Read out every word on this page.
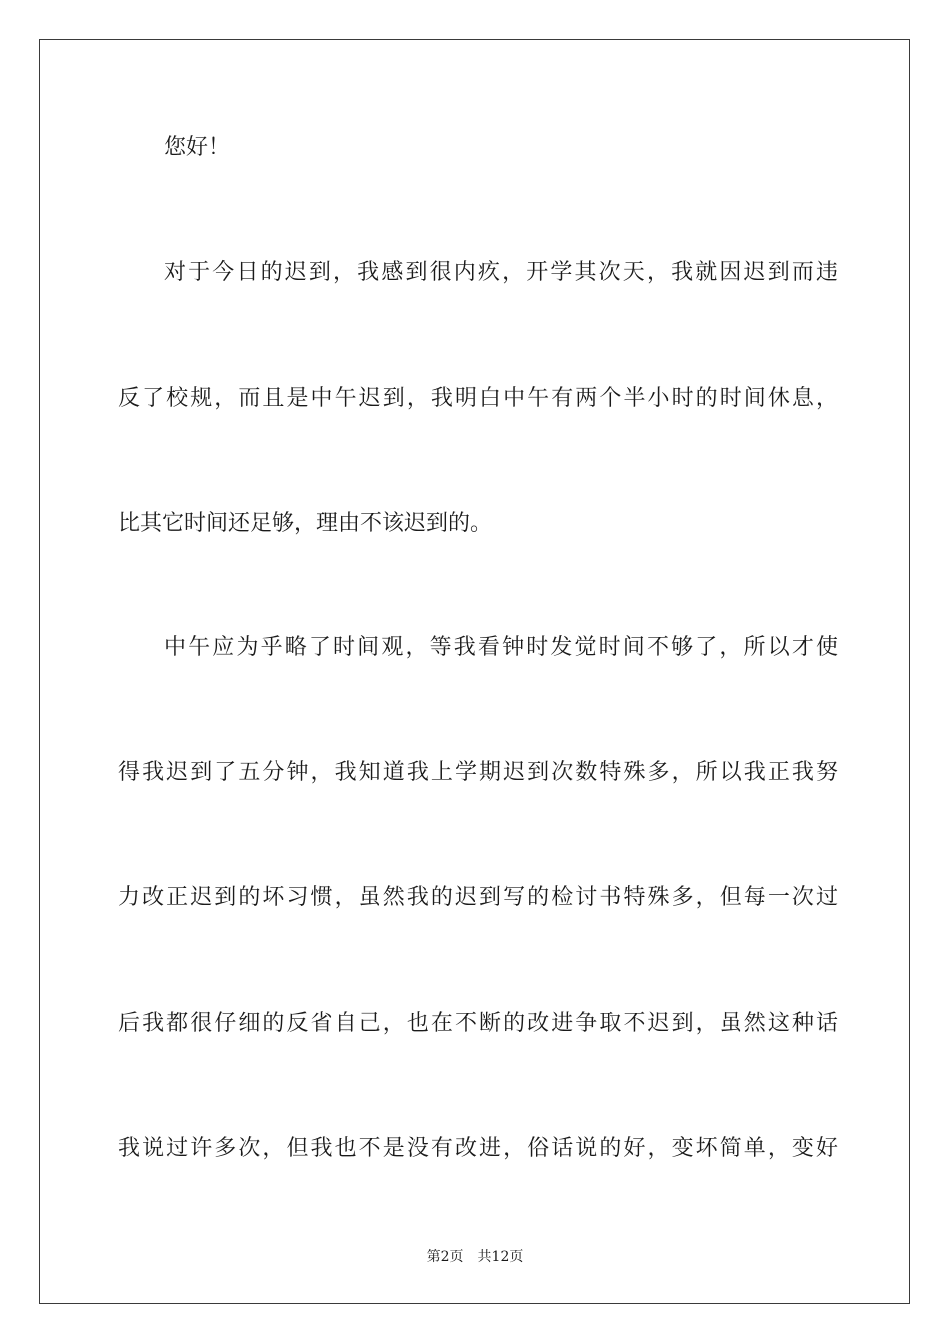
您好！
对于今日的迟到，我感到很内疚，开学其次天，我就因迟到而违
反了校规，而且是中午迟到，我明白中午有两个半小时的时间休息，
比其它时间还足够，理由不该迟到的。
中午应为乎略了时间观，等我看钟时发觉时间不够了，所以才使
得我迟到了五分钟，我知道我上学期迟到次数特殊多，所以我正我努
力改正迟到的坏习惯，虽然我的迟到写的检讨书特殊多，但每一次过
后我都很仔细的反省自己，也在不断的改进争取不迟到，虽然这种话
我说过许多次，但我也不是没有改进，俗话说的好，变坏简单，变好
第2页　共12页
